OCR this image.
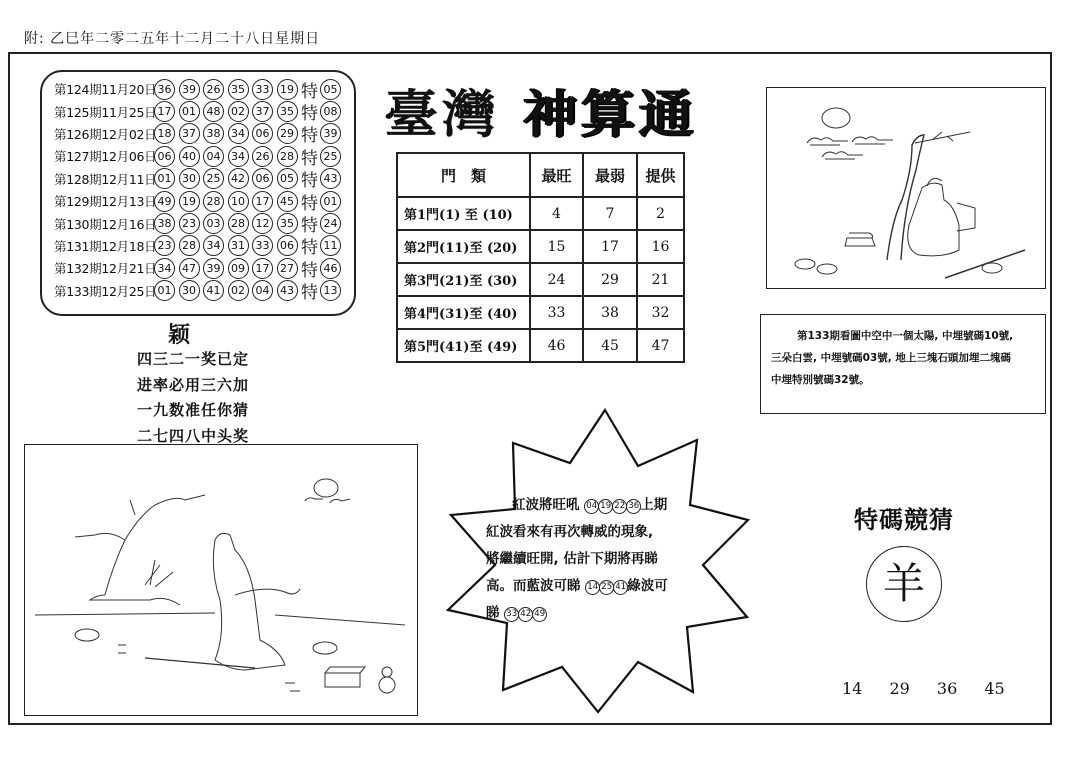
附: 乙巳年二零二五年十二月二十八日星期日
第124期11月20日 36 39 26 35 33 19 特 05
第125期11月25日 17 01 48 02 37 35 特 08
第126期12月02日 18 37 38 34 06 29 特 39
第127期12月06日 06 40 04 34 26 28 特 25
第128期12月11日 01 30 25 42 06 05 特 43
第129期12月13日 49 19 28 10 17 45 特 01
第130期12月16日 38 23 03 28 12 35 特 24
第131期12月18日 23 28 34 31 33 06 特 11
第132期12月21日 34 47 39 09 17 27 特 46
第133期12月25日 01 30 41 02 04 43 特 13
颖
四三二一奖已定
进率必用三六加
一九数准任你猜
二七四八中头奖
臺灣 神算通
門　類	最旺	最弱	提供
第1門(1) 至 (10)	4	7	2
第2門(11)至 (20)	15	17	16
第3門(21)至 (30)	24	29	21
第4門(31)至 (40)	33	38	32
第5門(41)至 (49)	46	45	47
第133期看圖中空中一個太陽, 中埋號碼10號,
三朵白雲, 中埋號碼03號, 地上三塊石頭加埋二塊碼
中埋特別號碼32號。
紅波將旺吼 04 19 22 36上期
紅波看來有再次轉威的現象,
將繼續旺開, 估計下期將再睇
高。而藍波可睇 14 25 41綠波可
睇 33 42 49
特碼競猜
羊
14 29 36 45
